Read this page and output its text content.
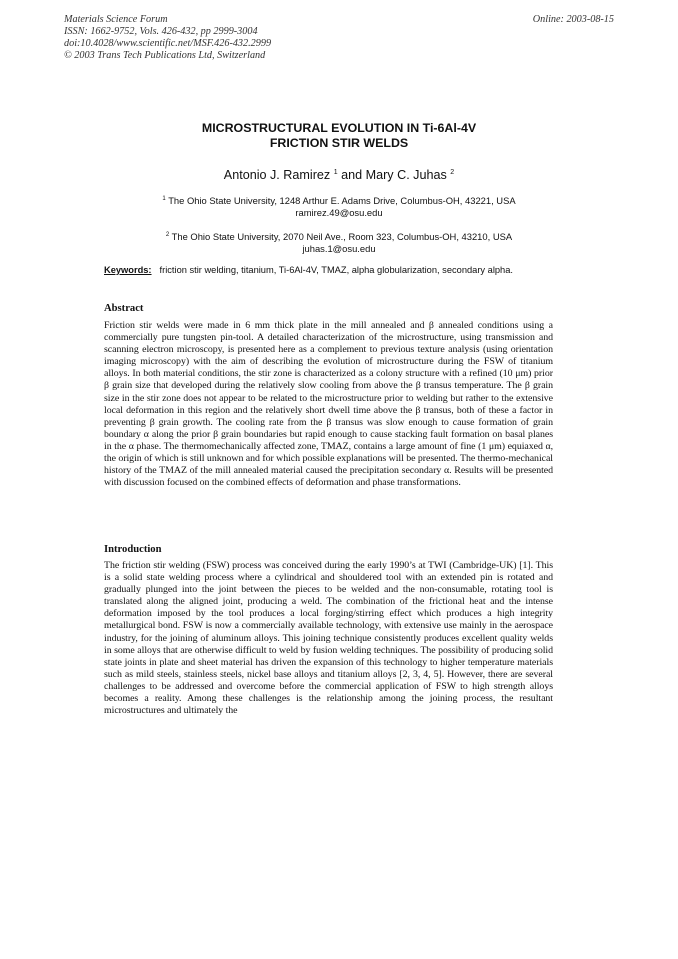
Materials Science Forum
ISSN: 1662-9752, Vols. 426-432, pp 2999-3004
doi:10.4028/www.scientific.net/MSF.426-432.2999
© 2003 Trans Tech Publications Ltd, Switzerland
Online: 2003-08-15
MICROSTRUCTURAL EVOLUTION IN Ti-6Al-4V
FRICTION STIR WELDS
Antonio J. Ramirez $^1$ and Mary C. Juhas $^2$
$^1$ The Ohio State University, 1248 Arthur E. Adams Drive, Columbus-OH, 43221, USA
ramirez.49@osu.edu
$^2$ The Ohio State University, 2070 Neil Ave., Room 323, Columbus-OH, 43210, USA
juhas.1@osu.edu
Keywords: friction stir welding, titanium, Ti-6Al-4V, TMAZ, alpha globularization, secondary alpha.
Abstract
Friction stir welds were made in 6 mm thick plate in the mill annealed and β annealed conditions using a commercially pure tungsten pin-tool. A detailed characterization of the microstructure, using transmission and scanning electron microscopy, is presented here as a complement to previous texture analysis (using orientation imaging microscopy) with the aim of describing the evolution of microstructure during the FSW of titanium alloys. In both material conditions, the stir zone is characterized as a colony structure with a refined (10 μm) prior β grain size that developed during the relatively slow cooling from above the β transus temperature. The β grain size in the stir zone does not appear to be related to the microstructure prior to welding but rather to the extensive local deformation in this region and the relatively short dwell time above the β transus, both of these a factor in preventing β grain growth. The cooling rate from the β transus was slow enough to cause formation of grain boundary α along the prior β grain boundaries but rapid enough to cause stacking fault formation on basal planes in the α phase. The thermomechanically affected zone, TMAZ, contains a large amount of fine (1 μm) equiaxed α, the origin of which is still unknown and for which possible explanations will be presented. The thermo-mechanical history of the TMAZ of the mill annealed material caused the precipitation secondary α. Results will be presented with discussion focused on the combined effects of deformation and phase transformations.
Introduction
The friction stir welding (FSW) process was conceived during the early 1990’s at TWI (Cambridge-UK) [1]. This is a solid state welding process where a cylindrical and shouldered tool with an extended pin is rotated and gradually plunged into the joint between the pieces to be welded and the non-consumable, rotating tool is translated along the aligned joint, producing a weld. The combination of the frictional heat and the intense deformation imposed by the tool produces a local forging/stirring effect which produces a high integrity metallurgical bond. FSW is now a commercially available technology, with extensive use mainly in the aerospace industry, for the joining of aluminum alloys. This joining technique consistently produces excellent quality welds in some alloys that are otherwise difficult to weld by fusion welding techniques. The possibility of producing solid state joints in plate and sheet material has driven the expansion of this technology to higher temperature materials such as mild steels, stainless steels, nickel base alloys and titanium alloys [2, 3, 4, 5]. However, there are several challenges to be addressed and overcome before the commercial application of FSW to high strength alloys becomes a reality. Among these challenges is the relationship among the joining process, the resultant microstructures and ultimately the
